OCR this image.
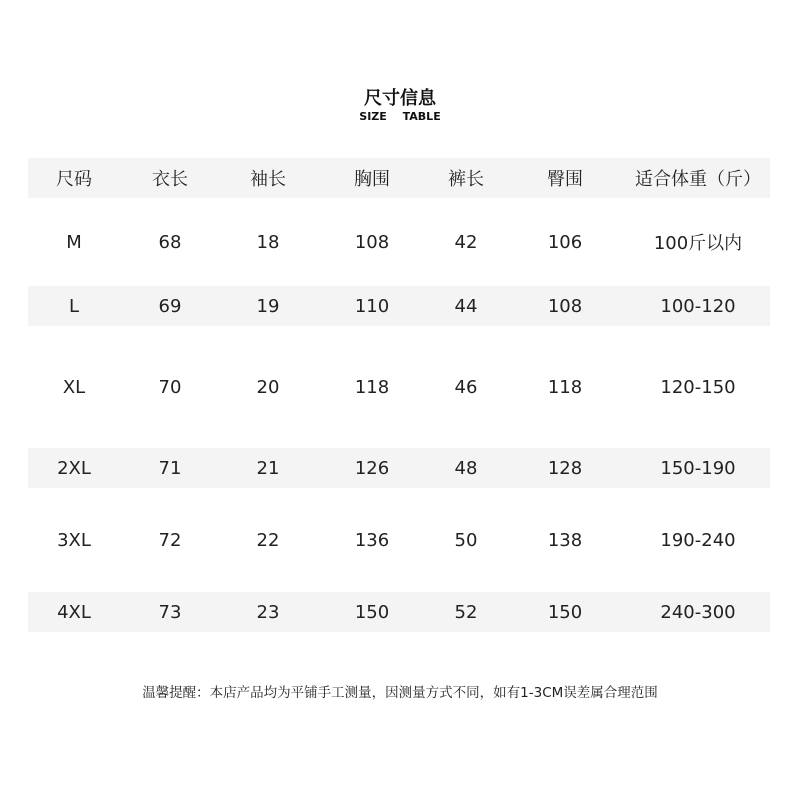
尺寸信息
SIZE TABLE
尺码	衣长	袖长	胸围	裤长	臀围	适合体重（斤）
M	68	18	108	42	106	100斤以内
L	69	19	110	44	108	100-120
XL	70	20	118	46	118	120-150
2XL	71	21	126	48	128	150-190
3XL	72	22	136	50	138	190-240
4XL	73	23	150	52	150	240-300
温馨提醒：本店产品均为平铺手工测量，因测量方式不同，如有1-3CM误差属合理范围
